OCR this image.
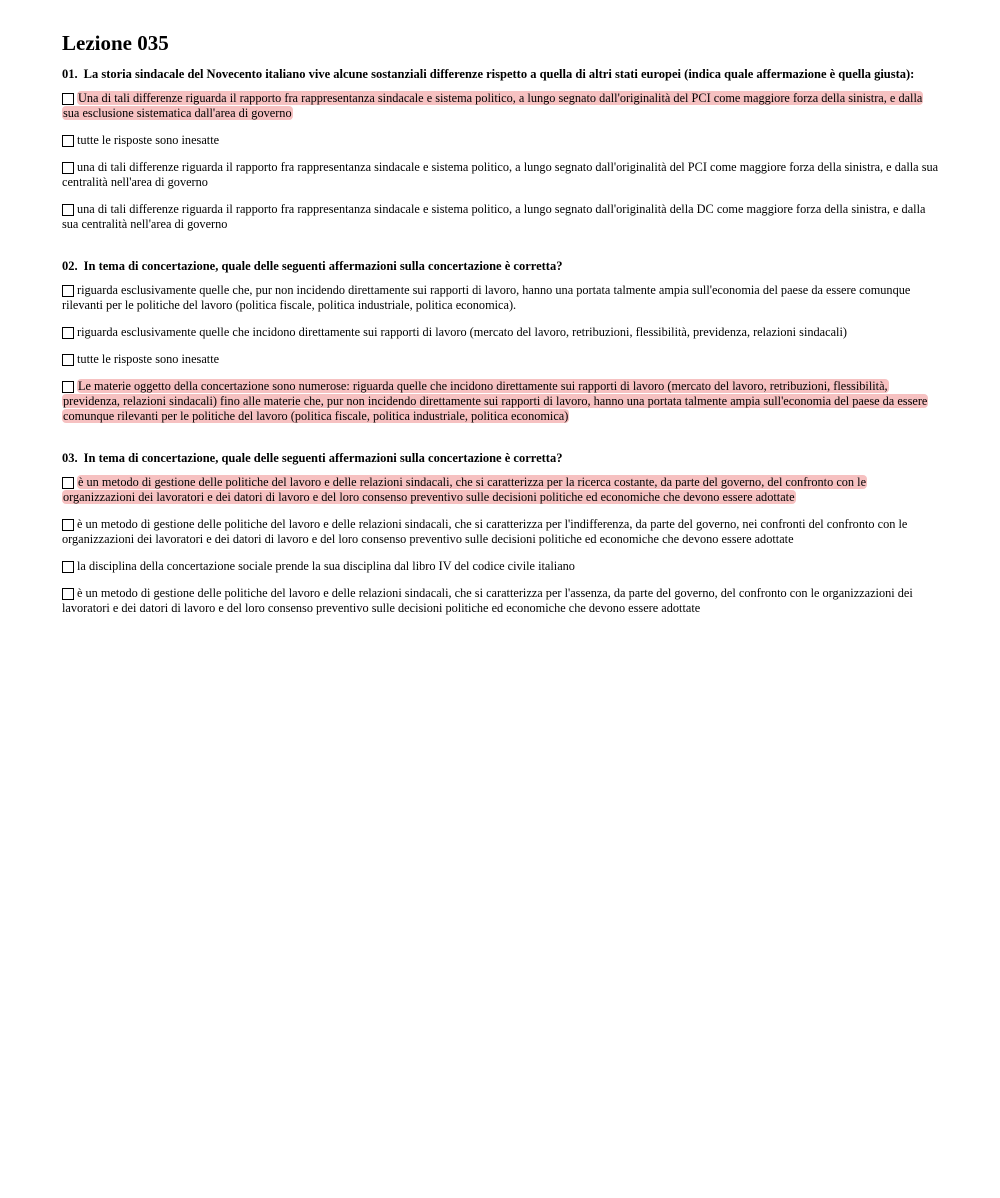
Lezione 035
01. La storia sindacale del Novecento italiano vive alcune sostanziali differenze rispetto a quella di altri stati europei (indica quale affermazione è quella giusta):
Una di tali differenze riguarda il rapporto fra rappresentanza sindacale e sistema politico, a lungo segnato dall'originalità del PCI come maggiore forza della sinistra, e dalla sua esclusione sistematica dall'area di governo
tutte le risposte sono inesatte
una di tali differenze riguarda il rapporto fra rappresentanza sindacale e sistema politico, a lungo segnato dall'originalità del PCI come maggiore forza della sinistra, e dalla sua centralità nell'area di governo
una di tali differenze riguarda il rapporto fra rappresentanza sindacale e sistema politico, a lungo segnato dall'originalità della DC come maggiore forza della sinistra, e dalla sua centralità nell'area di governo
02. In tema di concertazione, quale delle seguenti affermazioni sulla concertazione è corretta?
riguarda esclusivamente quelle che, pur non incidendo direttamente sui rapporti di lavoro, hanno una portata talmente ampia sull'economia del paese da essere comunque rilevanti per le politiche del lavoro (politica fiscale, politica industriale, politica economica).
riguarda esclusivamente quelle che incidono direttamente sui rapporti di lavoro (mercato del lavoro, retribuzioni, flessibilità, previdenza, relazioni sindacali)
tutte le risposte sono inesatte
Le materie oggetto della concertazione sono numerose: riguarda quelle che incidono direttamente sui rapporti di lavoro (mercato del lavoro, retribuzioni, flessibilità, previdenza, relazioni sindacali) fino alle materie che, pur non incidendo direttamente sui rapporti di lavoro, hanno una portata talmente ampia sull'economia del paese da essere comunque rilevanti per le politiche del lavoro (politica fiscale, politica industriale, politica economica)
03. In tema di concertazione, quale delle seguenti affermazioni sulla concertazione è corretta?
è un metodo di gestione delle politiche del lavoro e delle relazioni sindacali, che si caratterizza per la ricerca costante, da parte del governo, del confronto con le organizzazioni dei lavoratori e dei datori di lavoro e del loro consenso preventivo sulle decisioni politiche ed economiche che devono essere adottate
è un metodo di gestione delle politiche del lavoro e delle relazioni sindacali, che si caratterizza per l'indifferenza, da parte del governo, nei confronti del confronto con le organizzazioni dei lavoratori e dei datori di lavoro e del loro consenso preventivo sulle decisioni politiche ed economiche che devono essere adottate
la disciplina della concertazione sociale prende la sua disciplina dal libro IV del codice civile italiano
è un metodo di gestione delle politiche del lavoro e delle relazioni sindacali, che si caratterizza per l'assenza, da parte del governo, del confronto con le organizzazioni dei lavoratori e dei datori di lavoro e del loro consenso preventivo sulle decisioni politiche ed economiche che devono essere adottate
